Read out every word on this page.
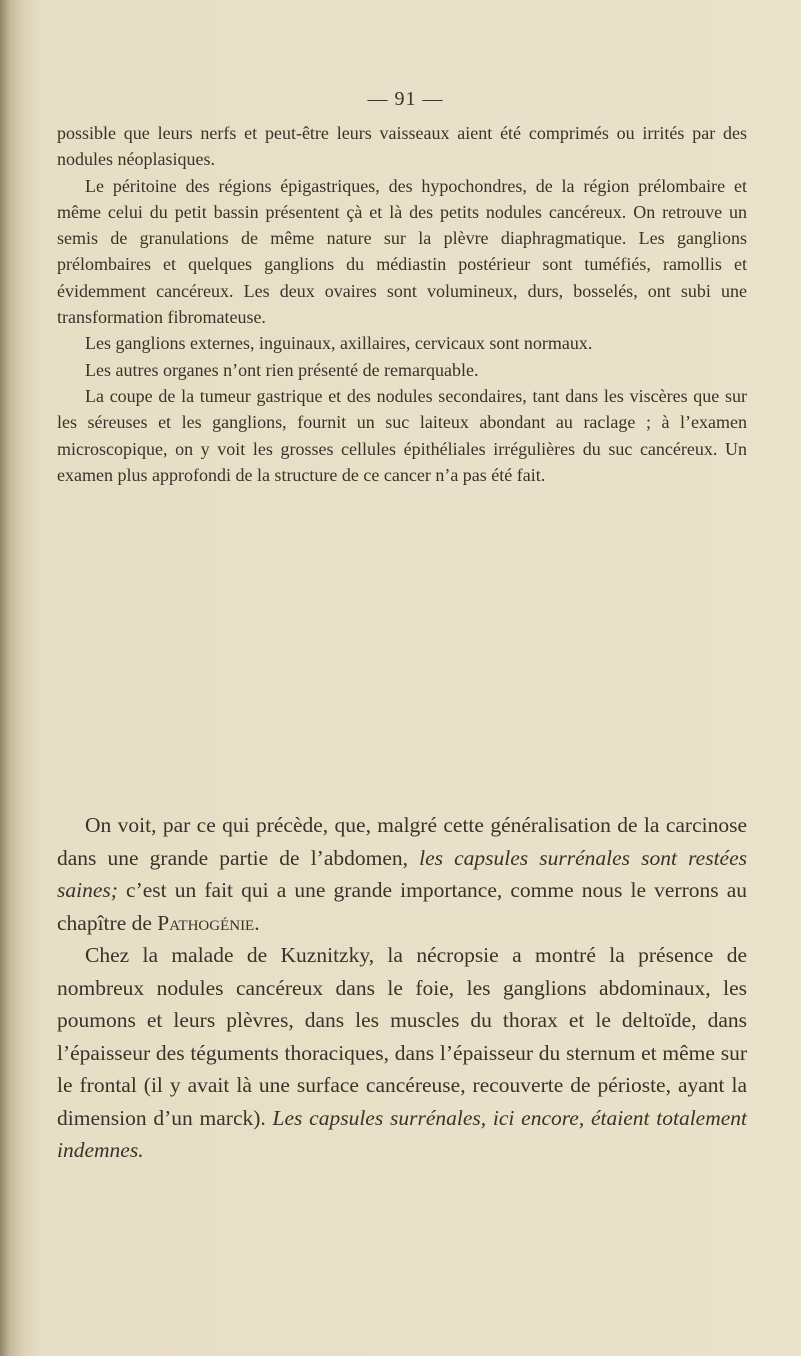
— 91 —

possible que leurs nerfs et peut-être leurs vaisseaux aient été comprimés ou irrités par des nodules néoplasiques.

Le péritoine des régions épigastriques, des hypochondres, de la région prélombaire et même celui du petit bassin présentent çà et là des petits nodules cancéreux. On retrouve un semis de granulations de même nature sur la plèvre diaphragmatique. Les ganglions prélombaires et quelques ganglions du médiastin postérieur sont tuméfiés, ramollis et évidemment cancéreux. Les deux ovaires sont volumineux, durs, bosselés, ont subi une transformation fibromateuse.

Les ganglions externes, inguinaux, axillaires, cervicaux sont normaux.

Les autres organes n’ont rien présenté de remarquable.

La coupe de la tumeur gastrique et des nodules secondaires, tant dans les viscères que sur les séreuses et les ganglions, fournit un suc laiteux abondant au raclage ; à l’examen microscopique, on y voit les grosses cellules épithéliales irrégulières du suc cancéreux. Un examen plus approfondi de la structure de ce cancer n’a pas été fait.

On voit, par ce qui précède, que, malgré cette généralisation de la carcinose dans une grande partie de l’abdomen, les capsules surrénales sont restées saines; c’est un fait qui a une grande importance, comme nous le verrons au chapître de Pathogénie.

Chez la malade de Kuznitzky, la nécropsie a montré la présence de nombreux nodules cancéreux dans le foie, les ganglions abdominaux, les poumons et leurs plèvres, dans les muscles du thorax et le deltoïde, dans l’épaisseur des téguments thoraciques, dans l’épaisseur du sternum et même sur le frontal (il y avait là une surface cancéreuse, recouverte de périoste, ayant la dimension d’un marck). Les capsules surrénales, ici encore, étaient totalement indemnes.
